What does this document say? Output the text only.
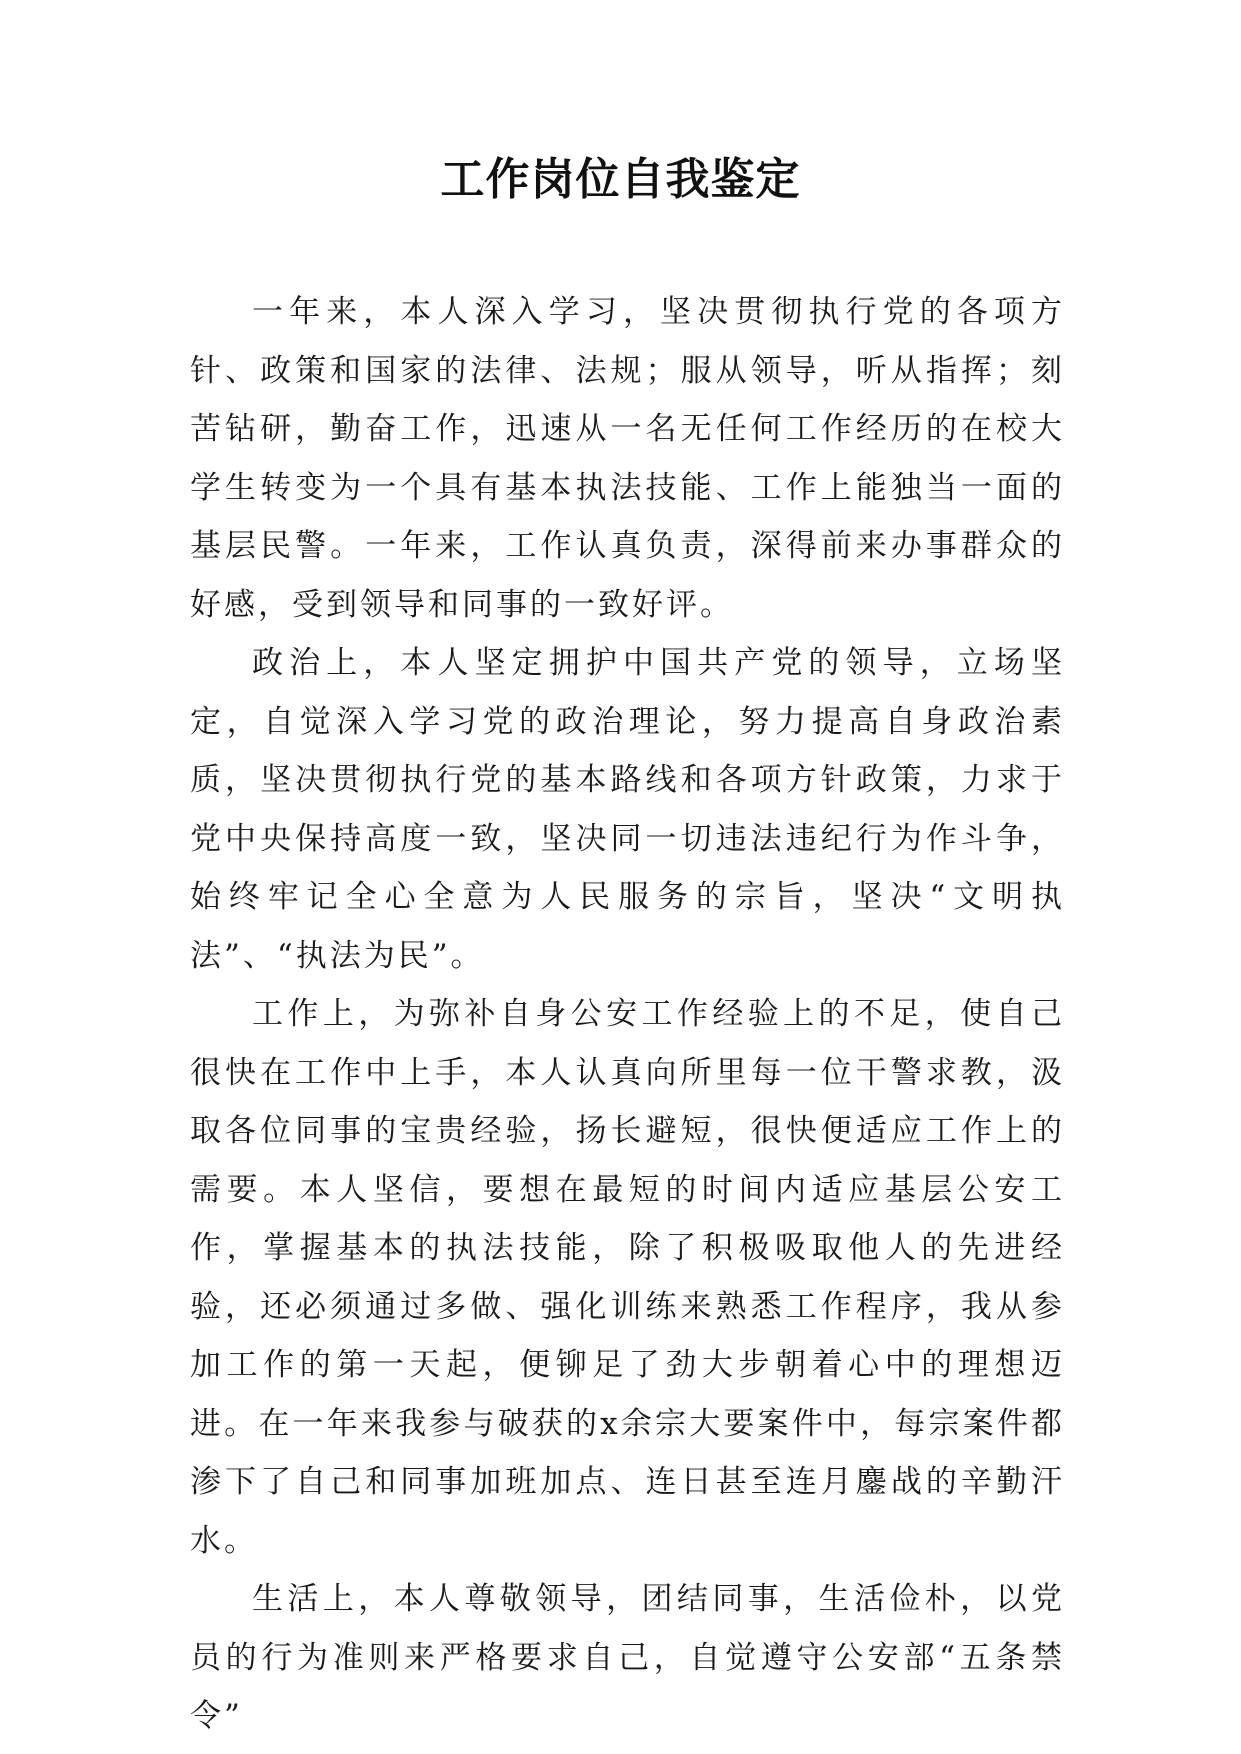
工作岗位自我鉴定

一年来，本人深入学习，坚决贯彻执行党的各项方针、政策和国家的法律、法规；服从领导，听从指挥；刻苦钻研，勤奋工作，迅速从一名无任何工作经历的在校大学生转变为一个具有基本执法技能、工作上能独当一面的基层民警。一年来，工作认真负责，深得前来办事群众的好感，受到领导和同事的一致好评。

政治上，本人坚定拥护中国共产党的领导，立场坚定，自觉深入学习党的政治理论，努力提高自身政治素质，坚决贯彻执行党的基本路线和各项方针政策，力求于党中央保持高度一致，坚决同一切违法违纪行为作斗争，始终牢记全心全意为人民服务的宗旨，坚决“文明执法”、“执法为民”。

工作上，为弥补自身公安工作经验上的不足，使自己很快在工作中上手，本人认真向所里每一位干警求教，汲取各位同事的宝贵经验，扬长避短，很快便适应工作上的需要。本人坚信，要想在最短的时间内适应基层公安工作，掌握基本的执法技能，除了积极吸取他人的先进经验，还必须通过多做、强化训练来熟悉工作程序，我从参加工作的第一天起，便铆足了劲大步朝着心中的理想迈进。在一年来我参与破获的x余宗大要案件中，每宗案件都渗下了自己和同事加班加点、连日甚至连月鏖战的辛勤汗水。

生活上，本人尊敬领导，团结同事，生活俭朴，以党员的行为准则来严格要求自己，自觉遵守公安部“五条禁令”
